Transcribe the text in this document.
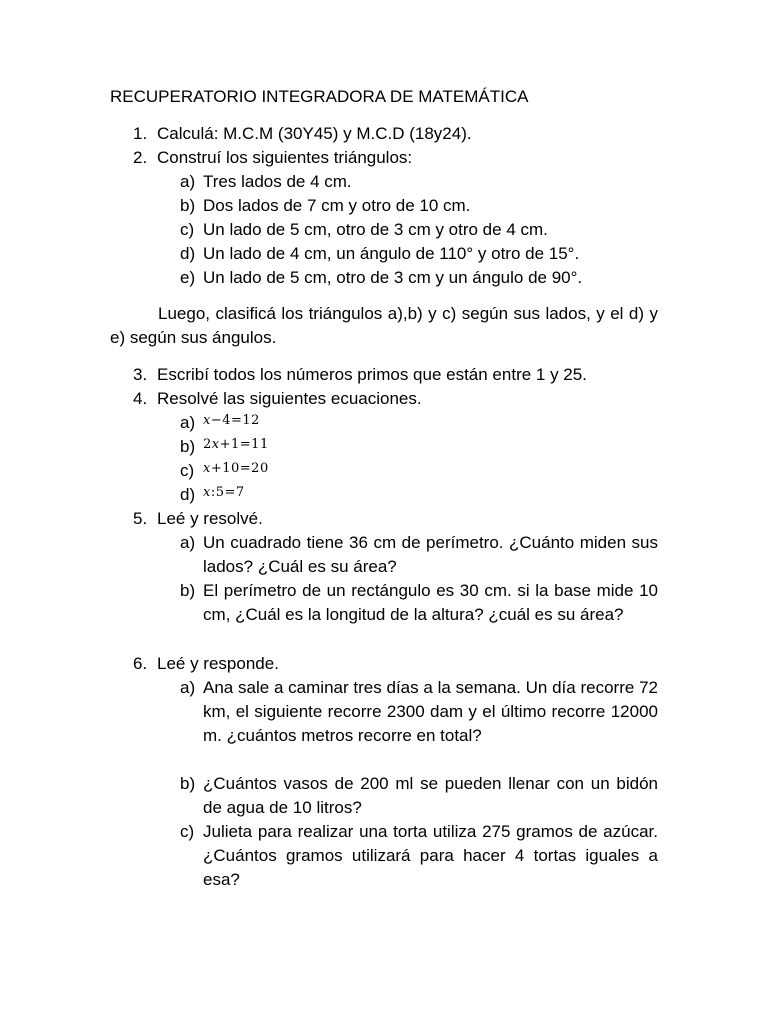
RECUPERATORIO INTEGRADORA DE MATEMÁTICA
1. Calculá: M.C.M (30Y45) y M.C.D (18y24).
2. Construí los siguientes triángulos:
a) Tres lados de 4 cm.
b) Dos lados de 7 cm y otro de 10 cm.
c) Un lado de 5 cm, otro de 3 cm y otro de 4 cm.
d) Un lado de 4 cm, un ángulo de 110° y otro de 15°.
e) Un lado de 5 cm, otro de 3 cm y un ángulo de 90°.
Luego, clasificá los triángulos a),b) y c) según sus lados, y el d) y e) según sus ángulos.
3. Escribí todos los números primos que están entre 1 y 25.
4. Resolvé las siguientes ecuaciones.
a) x−4=12
b) 2x+1=11
c) x+10=20
d) x:5=7
5. Leé y resolvé.
a) Un cuadrado tiene 36 cm de perímetro. ¿Cuánto miden sus lados? ¿Cuál es su área?
b) El perímetro de un rectángulo es 30 cm. si la base mide 10 cm, ¿Cuál es la longitud de la altura? ¿cuál es su área?
6. Leé y responde.
a) Ana sale a caminar tres días a la semana. Un día recorre 72 km, el siguiente recorre 2300 dam y el último recorre 12000 m. ¿cuántos metros recorre en total?
b) ¿Cuántos vasos de 200 ml se pueden llenar con un bidón de agua de 10 litros?
c) Julieta para realizar una torta utiliza 275 gramos de azúcar. ¿Cuántos gramos utilizará para hacer 4 tortas iguales a esa?
